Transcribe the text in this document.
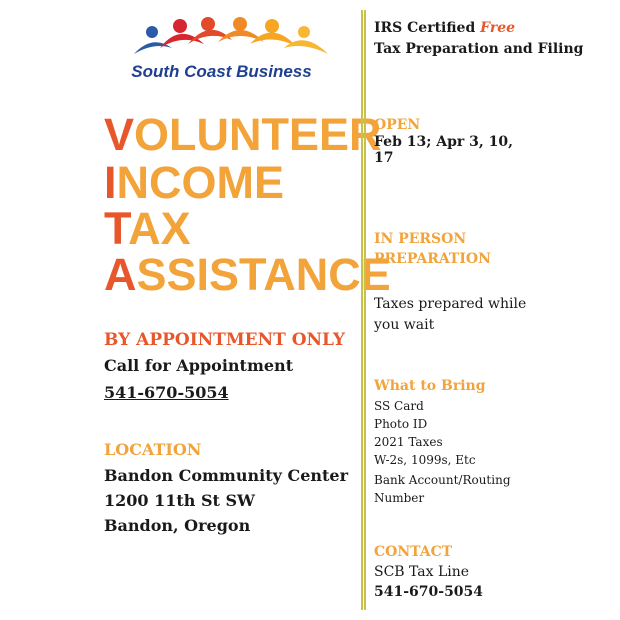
South Coast Business
VOLUNTEER
INCOME
TAX
ASSISTANCE
BY APPOINTMENT ONLY
Call for Appointment
541-670-5054
LOCATION
Bandon Community Center
1200 11th St SW
Bandon, Oregon
IRS Certified Free
Tax Preparation and Filing
OPEN
Feb 13; Apr 3, 10, 17
IN PERSON PREPARATION
Taxes prepared while you wait
What to Bring
SS Card
Photo ID
2021 Taxes
W-2s, 1099s, Etc
Bank Account/Routing Number
CONTACT
SCB Tax Line
541-670-5054
